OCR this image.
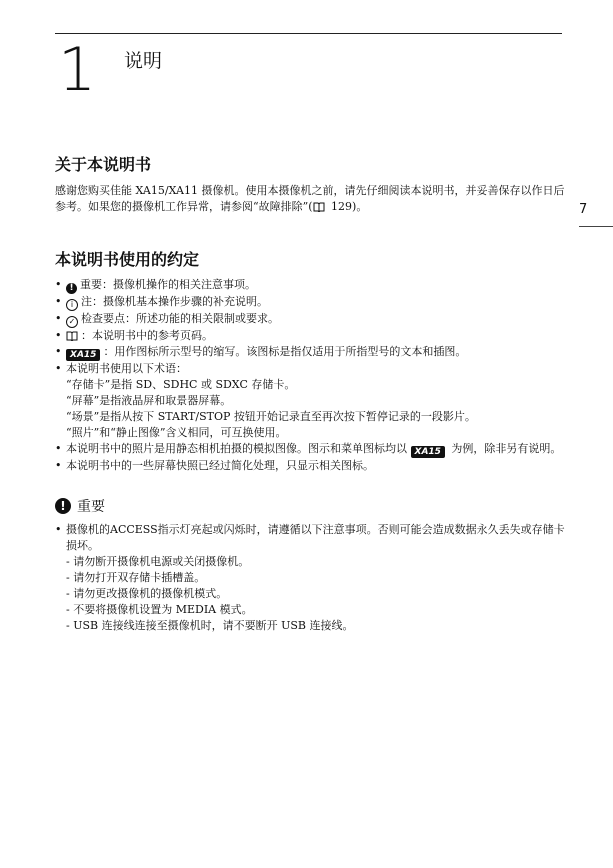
1 说明
7
关于本说明书
感谢您购买佳能 XA15/XA11 摄像机。使用本摄像机之前，请先仔细阅读本说明书，并妥善保存以作日后参考。如果您的摄像机工作异常，请参阅“故障排除”( 129)。
本说明书使用的约定
• ! 重要：摄像机操作的相关注意事项。
• i 注：摄像机基本操作步骤的补充说明。
• ✓ 检查要点：所述功能的相关限制或要求。
• ：本说明书中的参考页码。
• XA15 ：用作图标所示型号的缩写。该图标是指仅适用于所指型号的文本和插图。
• 本说明书使用以下术语：
“存储卡”是指 SD、SDHC 或 SDXC 存储卡。
“屏幕”是指液晶屏和取景器屏幕。
“场景”是指从按下 START/STOP 按钮开始记录直至再次按下暂停记录的一段影片。
“照片”和“静止图像”含义相同，可互换使用。
• 本说明书中的照片是用静态相机拍摄的模拟图像。图示和菜单图标均以 XA15 为例，除非另有说明。
• 本说明书中的一些屏幕快照已经过简化处理，只显示相关图标。
! 重要
• 摄像机的ACCESS指示灯亮起或闪烁时，请遵循以下注意事项。否则可能会造成数据永久丢失或存储卡损坏。
- 请勿断开摄像机电源或关闭摄像机。
- 请勿打开双存储卡插槽盖。
- 请勿更改摄像机的摄像机模式。
- 不要将摄像机设置为 MEDIA 模式。
- USB 连接线连接至摄像机时，请不要断开 USB 连接线。
